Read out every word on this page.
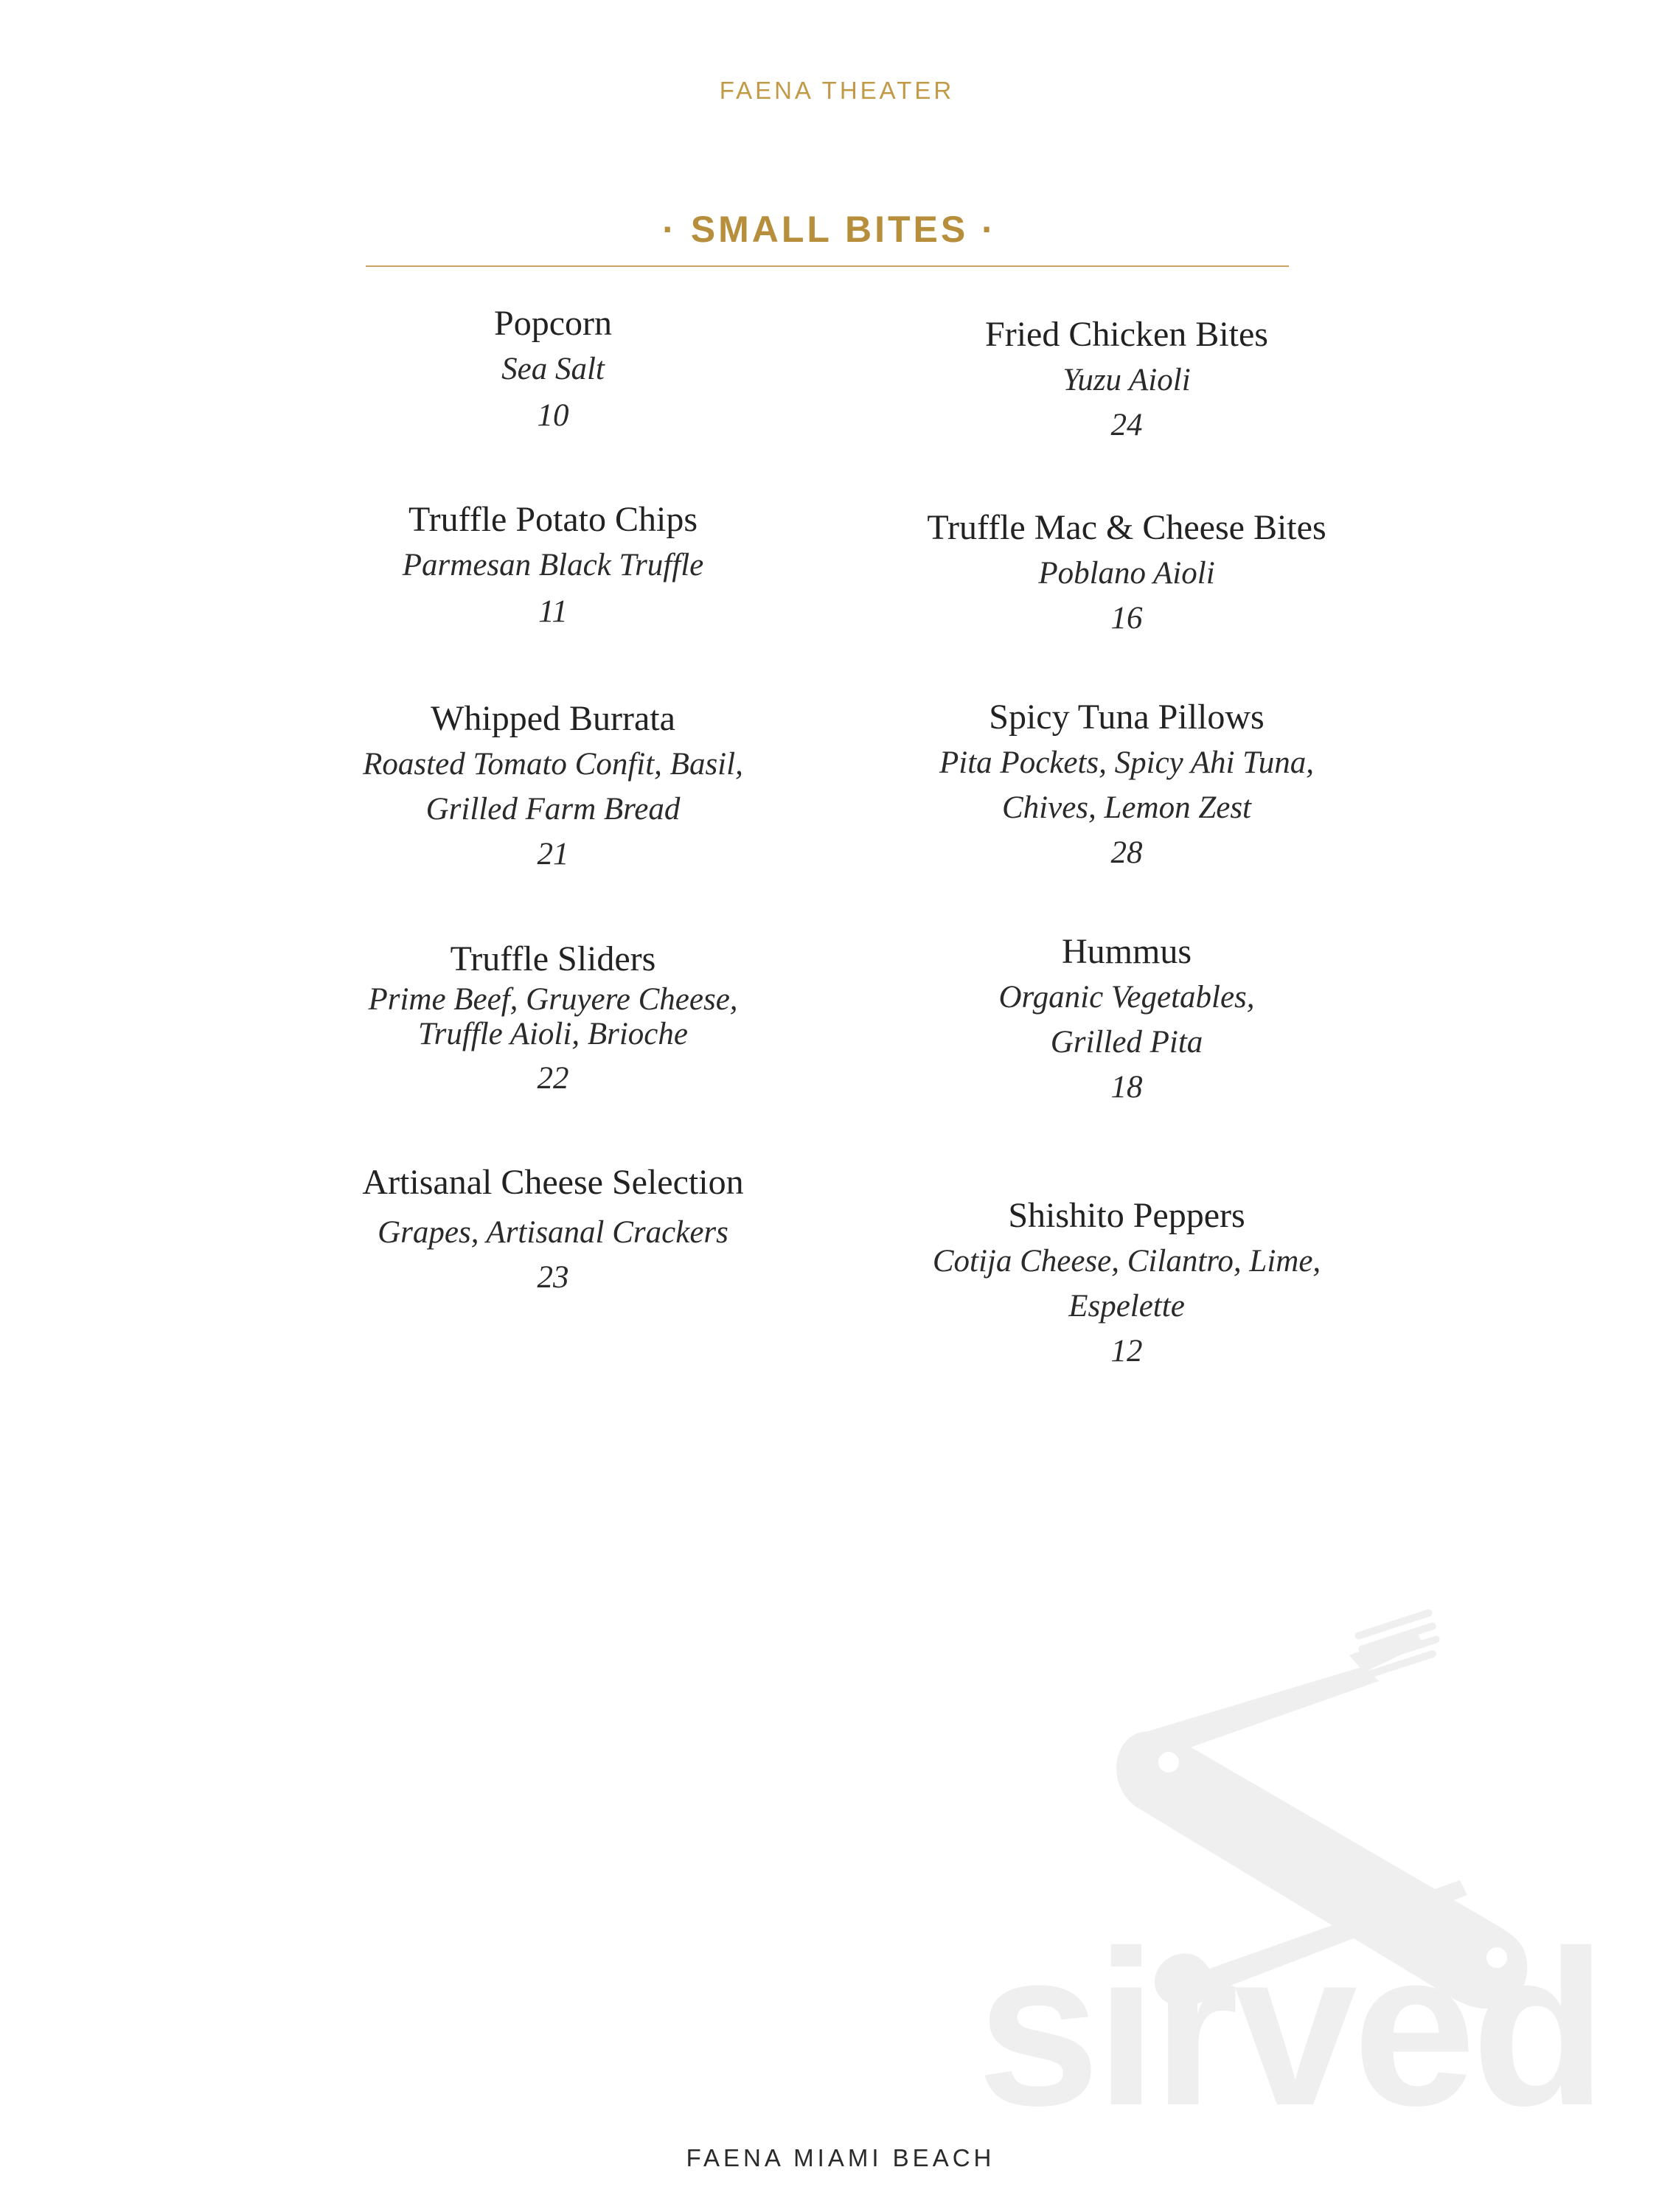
FAENA THEATER
· SMALL BITES ·
Popcorn
Sea Salt
10
Truffle Potato Chips
Parmesan Black Truffle
11
Whipped Burrata
Roasted Tomato Confit, Basil,
Grilled Farm Bread
21
Truffle Sliders
Prime Beef, Gruyere Cheese,
Truffle Aioli, Brioche
22
Artisanal Cheese Selection
Grapes, Artisanal Crackers
23
Fried Chicken Bites
Yuzu Aioli
24
Truffle Mac & Cheese Bites
Poblano Aioli
16
Spicy Tuna Pillows
Pita Pockets, Spicy Ahi Tuna,
Chives, Lemon Zest
28
Hummus
Organic Vegetables,
Grilled Pita
18
Shishito Peppers
Cotija Cheese, Cilantro, Lime,
Espelette
12
sirved
FAENA MIAMI BEACH
